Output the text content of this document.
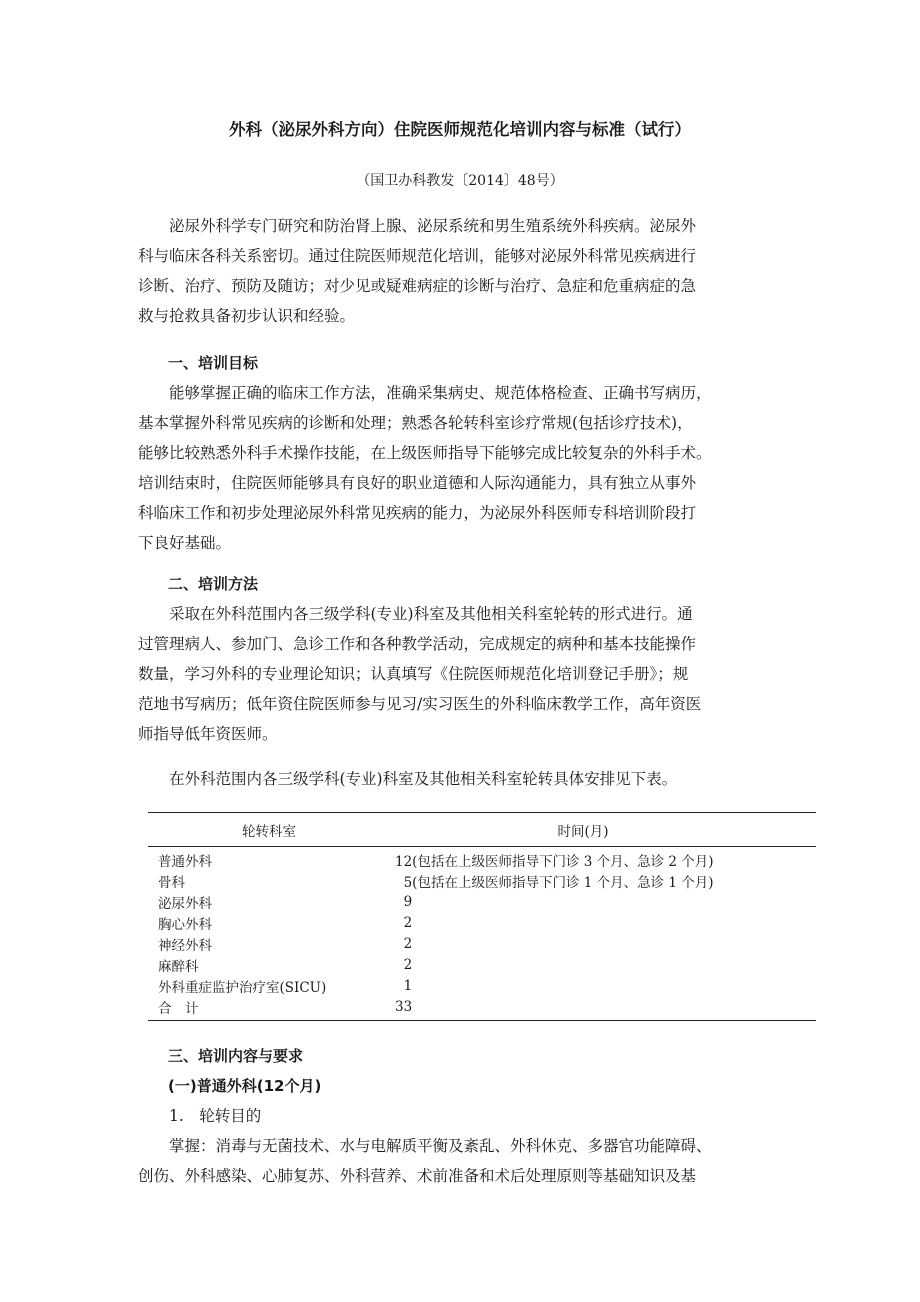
外科（泌尿外科方向）住院医师规范化培训内容与标准（试行）
（国卫办科教发〔2014〕48号）
泌尿外科学专门研究和防治肾上腺、泌尿系统和男生殖系统外科疾病。泌尿外
科与临床各科关系密切。通过住院医师规范化培训，能够对泌尿外科常见疾病进行
诊断、治疗、预防及随访；对少见或疑难病症的诊断与治疗、急症和危重病症的急
救与抢救具备初步认识和经验。
一、培训目标
能够掌握正确的临床工作方法，准确采集病史、规范体格检查、正确书写病历，
基本掌握外科常见疾病的诊断和处理；熟悉各轮转科室诊疗常规(包括诊疗技术)，
能够比较熟悉外科手术操作技能，在上级医师指导下能够完成比较复杂的外科手术。
培训结束时，住院医师能够具有良好的职业道德和人际沟通能力，具有独立从事外
科临床工作和初步处理泌尿外科常见疾病的能力，为泌尿外科医师专科培训阶段打
下良好基础。
二、培训方法
采取在外科范围内各三级学科(专业)科室及其他相关科室轮转的形式进行。通
过管理病人、参加门、急诊工作和各种教学活动，完成规定的病种和基本技能操作
数量，学习外科的专业理论知识；认真填写《住院医师规范化培训登记手册》；规
范地书写病历；低年资住院医师参与见习/实习医生的外科临床教学工作，高年资医
师指导低年资医师。
在外科范围内各三级学科(专业)科室及其他相关科室轮转具体安排见下表。
轮转科室	时间(月)
普通外科	12(包括在上级医师指导下门诊 3 个月、急诊 2 个月)
骨科	5(包括在上级医师指导下门诊 1 个月、急诊 1 个月)
泌尿外科	9
胸心外科	2
神经外科	2
麻醉科	2
外科重症监护治疗室(SICU)	1
合　计	33
三、培训内容与要求
(一)普通外科(12个月)
1.　轮转目的
掌握：消毒与无菌技术、水与电解质平衡及紊乱、外科休克、多器官功能障碍、
创伤、外科感染、心肺复苏、外科营养、术前准备和术后处理原则等基础知识及基
